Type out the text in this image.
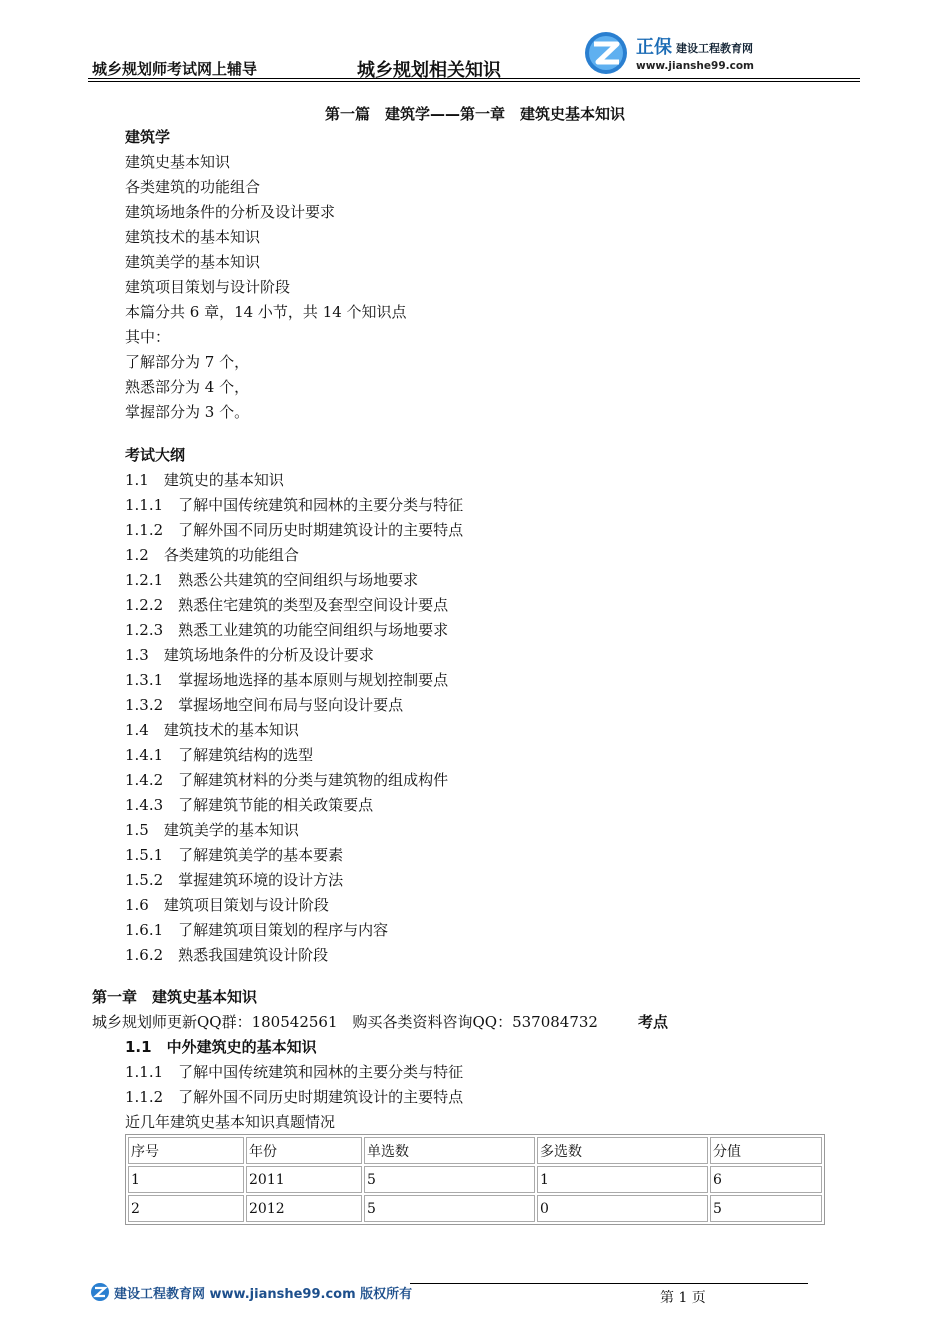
城乡规划师考试网上辅导	城乡规划相关知识
正保 建设工程教育网
www.jianshe99.com
第一篇　建筑学——第一章　建筑史基本知识
建筑学
建筑史基本知识
各类建筑的功能组合
建筑场地条件的分析及设计要求
建筑技术的基本知识
建筑美学的基本知识
建筑项目策划与设计阶段
本篇分共 6 章，14 小节，共 14 个知识点
其中：
了解部分为 7 个，
熟悉部分为 4 个，
掌握部分为 3 个。
考试大纲
1.1　建筑史的基本知识
1.1.1　了解中国传统建筑和园林的主要分类与特征
1.1.2　了解外国不同历史时期建筑设计的主要特点
1.2　各类建筑的功能组合
1.2.1　熟悉公共建筑的空间组织与场地要求
1.2.2　熟悉住宅建筑的类型及套型空间设计要点
1.2.3　熟悉工业建筑的功能空间组织与场地要求
1.3　建筑场地条件的分析及设计要求
1.3.1　掌握场地选择的基本原则与规划控制要点
1.3.2　掌握场地空间布局与竖向设计要点
1.4　建筑技术的基本知识
1.4.1　了解建筑结构的选型
1.4.2　了解建筑材料的分类与建筑物的组成构件
1.4.3　了解建筑节能的相关政策要点
1.5　建筑美学的基本知识
1.5.1　了解建筑美学的基本要素
1.5.2　掌握建筑环境的设计方法
1.6　建筑项目策划与设计阶段
1.6.1　了解建筑项目策划的程序与内容
1.6.2　熟悉我国建筑设计阶段
第一章　建筑史基本知识
城乡规划师更新QQ群：180542561　购买各类资料咨询QQ：537084732	考点
1.1　中外建筑史的基本知识
1.1.1　了解中国传统建筑和园林的主要分类与特征
1.1.2　了解外国不同历史时期建筑设计的主要特点
近几年建筑史基本知识真题情况
序号	年份	单选数	多选数	分值
1	2011	5	1	6
2	2012	5	0	5
建设工程教育网 www.jianshe99.com 版权所有	第 1 页
